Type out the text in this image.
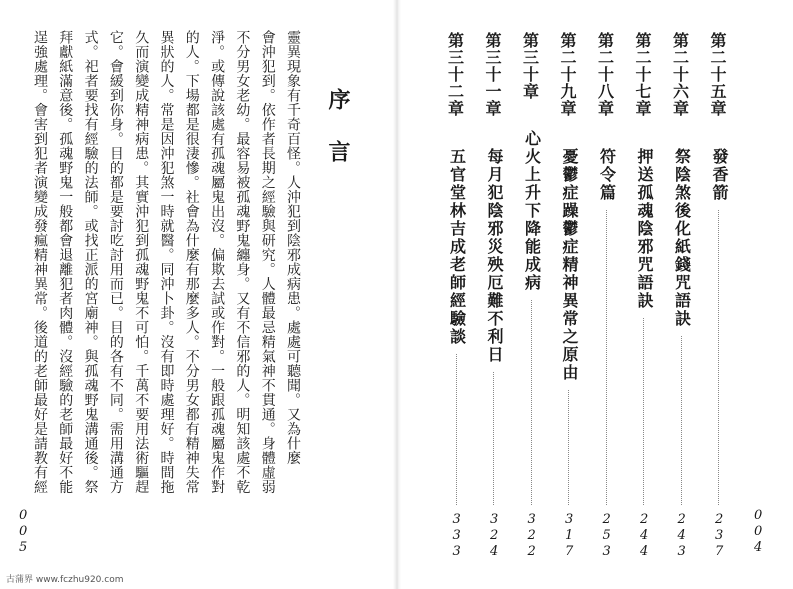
靈異現象有千奇百怪。人沖犯到陰邪成病患。處處可聽聞。又為什麼
會沖犯到。依作者長期之經驗與研究。人體最忌精氣神不貫通。身體虛弱
不分男女老幼。最容易被孤魂野鬼纏身。又有不信邪的人。明知該處不乾
淨。或傳說該處有孤魂屬鬼出沒。偏欺去試或作對。一般跟孤魂屬鬼作對
的人。下場都是很淒慘。社會為什麼有那麼多人。不分男女都有精神失常
異狀的人。常是因沖犯煞一時就醫。同沖卜卦。沒有即時處理好。時間拖
久而演變成精神病患。其實沖犯到孤魂野鬼不可怕。千萬不要用法術驅趕
它。會緩到你身。目的都是要討吃討用而已。目的各有不同。需用溝通方
式。祀者要找有經驗的法師。或找正派的宮廟神。與孤魂野鬼溝通後。祭
拜獻紙滿意後。孤魂野鬼一般都會退離犯者肉體。沒經驗的老師最好不能
逞強處理。會害到犯者演變成發瘋精神異常。後道的老師最好是請教有經	序言
005
第二十五章
發香箭
237
第二十六章
祭陰煞後化紙錢咒語訣
243
第二十七章
押送孤魂陰邪咒語訣
244
第二十八章
符令篇
253
第二十九章
憂鬱症躁鬱症精神異常之原由
317
第三十章
心火上升下降能成病
322
第三十一章
每月犯陰邪災殃厄難不利日
324
第三十二章
五官堂林吉成老師經驗談
333	004
古蒲界 www.fczhu920.com
